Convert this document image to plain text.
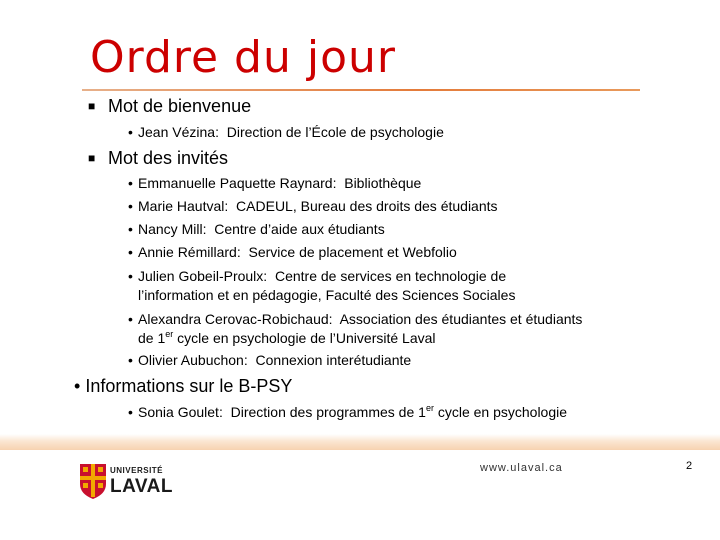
Ordre du jour
■ Mot de bienvenue
• Jean Vézina:  Direction de l’École de psychologie
■ Mot des invités
• Emmanuelle Paquette Raynard:  Bibliothèque
• Marie Hautval:  CADEUL, Bureau des droits des étudiants
• Nancy Mill:  Centre d’aide aux étudiants
• Annie Rémillard:  Service de placement et Webfolio
• Julien Gobeil-Proulx:  Centre de services en technologie de l’information et en pédagogie, Faculté des Sciences Sociales
• Alexandra Cerovac-Robichaud:  Association des étudiantes et étudiants de 1er cycle en psychologie de l’Université Laval
• Olivier Aubuchon:  Connexion interétudiante
• Informations sur le B-PSY
• Sonia Goulet:  Direction des programmes de 1er cycle en psychologie
UNIVERSITÉ
LAVAL
www.ulaval.ca	2
